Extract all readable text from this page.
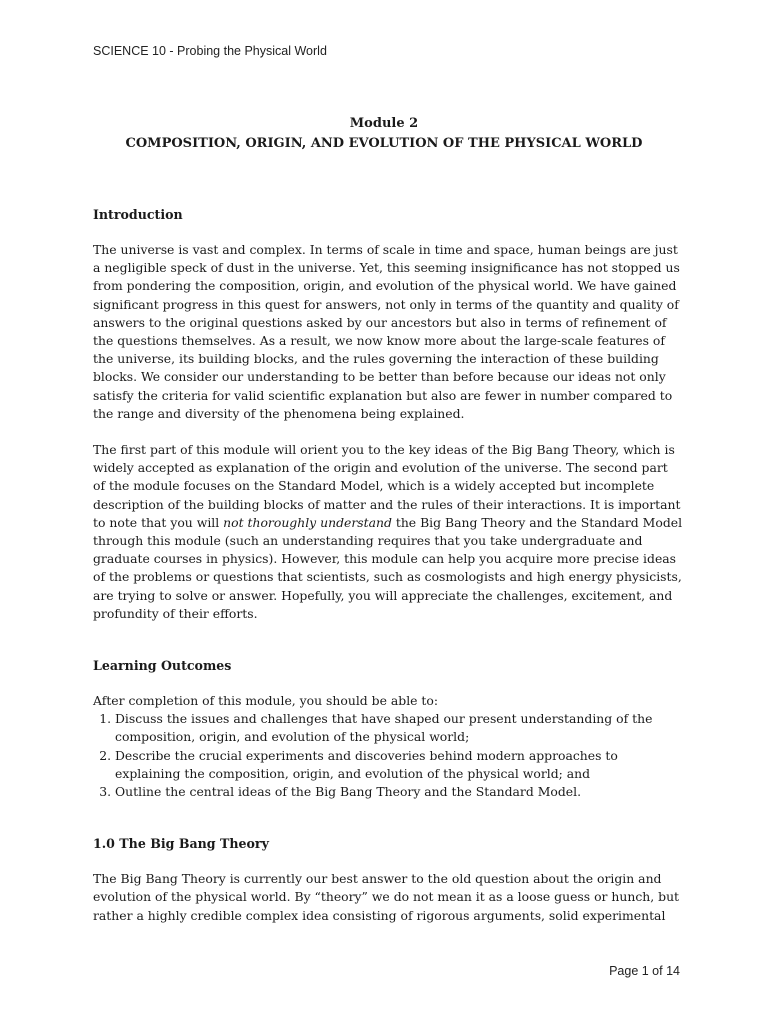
SCIENCE 10 - Probing the Physical World
Module 2
COMPOSITION, ORIGIN, AND EVOLUTION OF THE PHYSICAL WORLD
Introduction

The universe is vast and complex. In terms of scale in time and space, human beings are just a negligible speck of dust in the universe. Yet, this seeming insignificance has not stopped us from pondering the composition, origin, and evolution of the physical world. We have gained significant progress in this quest for answers, not only in terms of the quantity and quality of answers to the original questions asked by our ancestors but also in terms of refinement of the questions themselves. As a result, we now know more about the large-scale features of the universe, its building blocks, and the rules governing the interaction of these building blocks. We consider our understanding to be better than before because our ideas not only satisfy the criteria for valid scientific explanation but also are fewer in number compared to the range and diversity of the phenomena being explained.

The first part of this module will orient you to the key ideas of the Big Bang Theory, which is widely accepted as explanation of the origin and evolution of the universe. The second part of the module focuses on the Standard Model, which is a widely accepted but incomplete description of the building blocks of matter and the rules of their interactions. It is important to note that you will not thoroughly understand the Big Bang Theory and the Standard Model through this module (such an understanding requires that you take undergraduate and graduate courses in physics). However, this module can help you acquire more precise ideas of the problems or questions that scientists, such as cosmologists and high energy physicists, are trying to solve or answer. Hopefully, you will appreciate the challenges, excitement, and profundity of their efforts.

Learning Outcomes

After completion of this module, you should be able to:

1. Discuss the issues and challenges that have shaped our present understanding of the composition, origin, and evolution of the physical world;
2. Describe the crucial experiments and discoveries behind modern approaches to explaining the composition, origin, and evolution of the physical world; and
3. Outline the central ideas of the Big Bang Theory and the Standard Model.
1.0 The Big Bang Theory

The Big Bang Theory is currently our best answer to the old question about the origin and evolution of the physical world. By “theory” we do not mean it as a loose guess or hunch, but rather a highly credible complex idea consisting of rigorous arguments, solid experimental

Page 1 of 14
